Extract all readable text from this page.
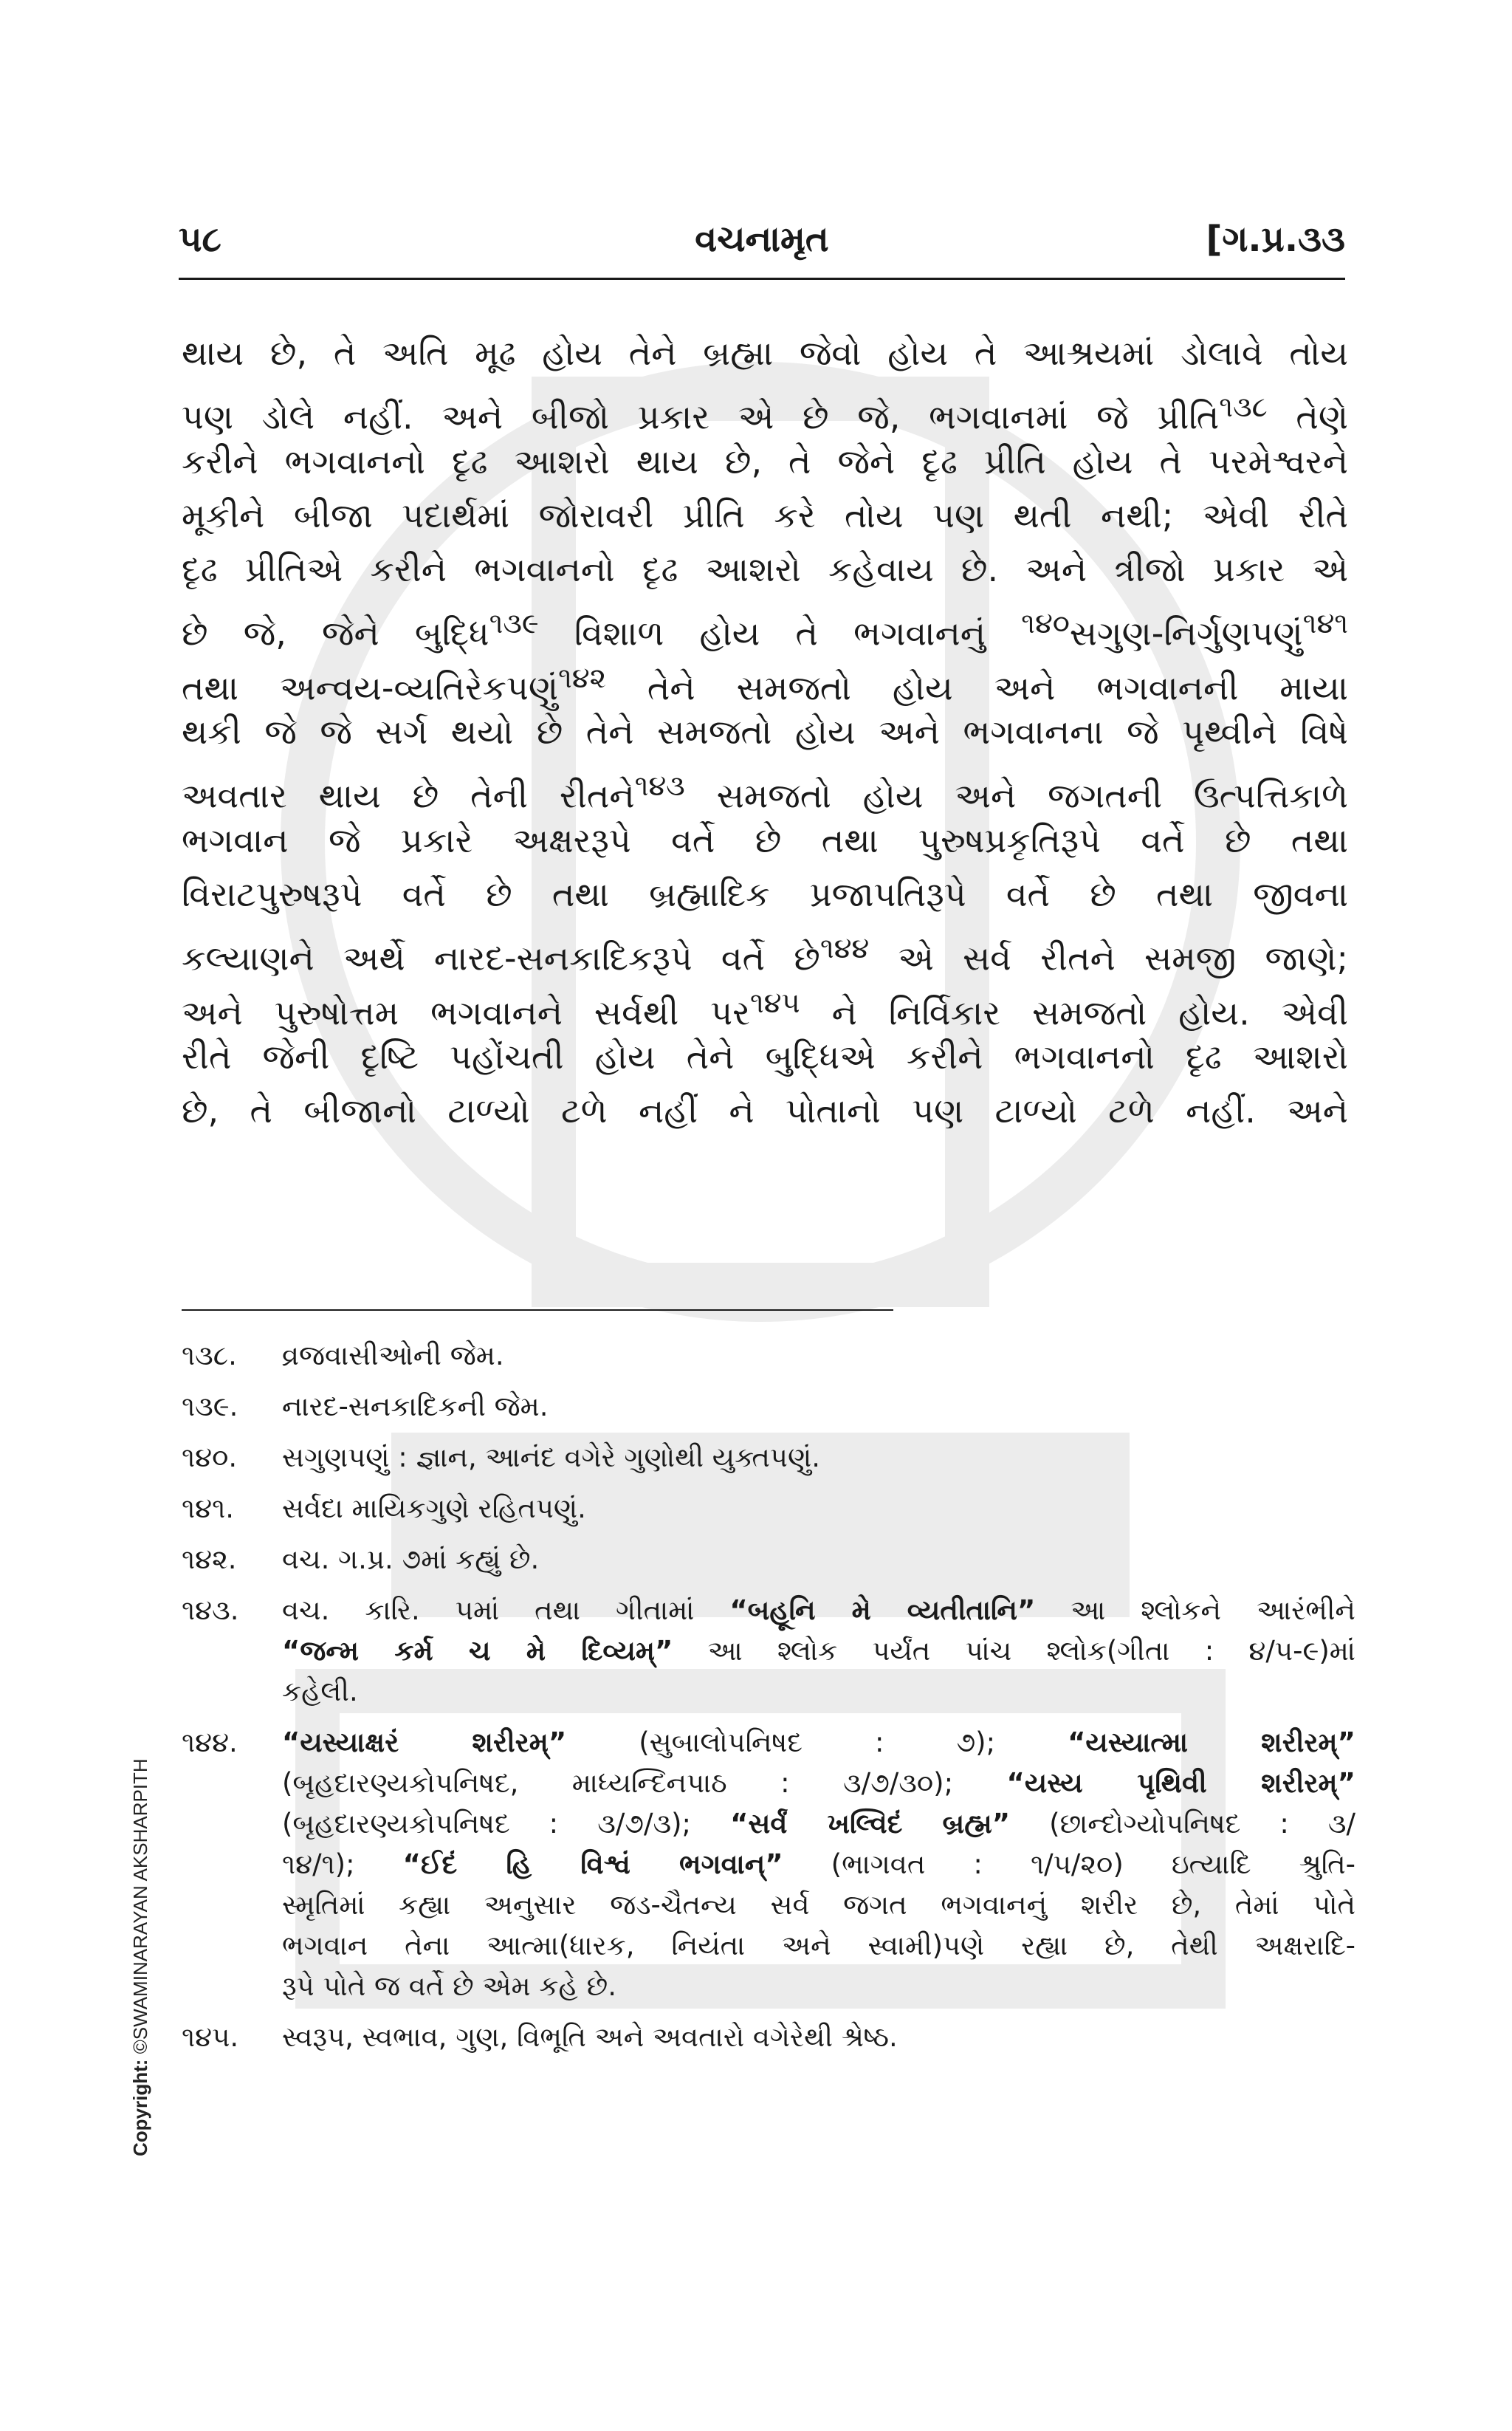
૫૮	વચનામૃત	[ગ.પ્ર.૩૩
થાય છે, તે અતિ મૂઢ હોય તેને બ્રહ્મા જેવો હોય તે આશ્રયમાં ડોલાવે તોય
પણ ડોલે નહીં. અને બીજો પ્રકાર એ છે જે, ભગવાનમાં જે પ્રીતિ$^{૧૩૮}$ તેણે
કરીને ભગવાનનો દૃઢ આશરો થાય છે, તે જેને દૃઢ પ્રીતિ હોય તે પરમેશ્વરને
મૂકીને બીજા પદાર્થમાં જોરાવરી પ્રીતિ કરે તોય પણ થતી નથી; એવી રીતે
દૃઢ પ્રીતિએ કરીને ભગવાનનો દૃઢ આશરો કહેવાય છે. અને ત્રીજો પ્રકાર એ
છે જે, જેને બુદ્ધિ$^{૧૩૯}$ વિશાળ હોય તે ભગવાનનું $^{૧૪૦}$સગુણ-નિર્ગુણપણું$^{૧૪૧}$
તથા અન્વય-વ્યતિરેકપણું$^{૧૪૨}$ તેને સમજતો હોય અને ભગવાનની માયા
થકી જે જે સર્ગ થયો છે તેને સમજતો હોય અને ભગવાનના જે પૃથ્વીને વિષે
અવતાર થાય છે તેની રીતને$^{૧૪૩}$ સમજતો હોય અને જગતની ઉત્પત્તિકાળે
ભગવાન જે પ્રકારે અક્ષરરૂપે વર્તે છે તથા પુરુષપ્રકૃતિરૂપે વર્તે છે તથા
વિરાટપુરુષરૂપે વર્તે છે તથા બ્રહ્માદિક પ્રજાપતિરૂપે વર્તે છે તથા જીવના
કલ્યાણને અર્થે નારદ-સનકાદિકરૂપે વર્તે છે$^{૧૪૪}$ એ સર્વ રીતને સમજી જાણે;
અને પુરુષોત્તમ ભગવાનને સર્વથી પર$^{૧૪૫}$ ને નિર્વિકાર સમજતો હોય. એવી
રીતે જેની દૃષ્ટિ પહોંચતી હોય તેને બુદ્ધિએ કરીને ભગવાનનો દૃઢ આશરો
છે, તે બીજાનો ટાળ્યો ટળે નહીં ને પોતાનો પણ ટાળ્યો ટળે નહીં. અને
૧૩૮.	વ્રજવાસીઓની જેમ.
૧૩૯.	નારદ-સનકાદિકની જેમ.
૧૪૦.	સગુણપણું : જ્ઞાન, આનંદ વગેરે ગુણોથી યુક્તપણું.
૧૪૧.	સર્વદા માયિકગુણે રહિતપણું.
૧૪૨.	વચ. ગ.પ્ર. ૭માં કહ્યું છે.
૧૪૩.	વચ. કારિ. ૫માં તથા ગીતામાં “બહૂનિ મે વ્યતીતાનિ” આ શ્લોકને આરંભીને
“જન્મ કર્મ ચ મે દિવ્યમ્” આ શ્લોક પર્યંત પાંચ શ્લોક(ગીતા : ૪/૫-૯)માં
કહેલી.
૧૪૪.	“યસ્યાક્ષરં શરીરમ્” (સુબાલોપનિષદ : ૭); “યસ્યાત્મા શરીરમ્”
(બૃહદારણ્યકોપનિષદ, માધ્યન્દિનપાઠ : ૩/૭/૩૦); “યસ્ય પૃથિવી શરીરમ્”
(બૃહદારણ્યકોપનિષદ : ૩/૭/૩); “સર્વં ખલ્વિદં બ્રહ્મ” (છાન્દોગ્યોપનિષદ : ૩/
૧૪/૧); “ઈદં હિ વિશ્વં ભગવાન્” (ભાગવત : ૧/૫/૨૦) ઇત્યાદિ શ્રુતિ-
સ્મૃતિમાં કહ્યા અનુસાર જડ-ચૈતન્ય સર્વ જગત ભગવાનનું શરીર છે, તેમાં પોતે
ભગવાન તેના આત્મા(ધારક, નિયંતા અને સ્વામી)પણે રહ્યા છે, તેથી અક્ષરાદિ-
રૂપે પોતે જ વર્તે છે એમ કહે છે.
૧૪૫.	સ્વરૂપ, સ્વભાવ, ગુણ, વિભૂતિ અને અવતારો વગેરેથી શ્રેષ્ઠ.
Copyright: ©SWAMINARAYAN AKSHARPITH
